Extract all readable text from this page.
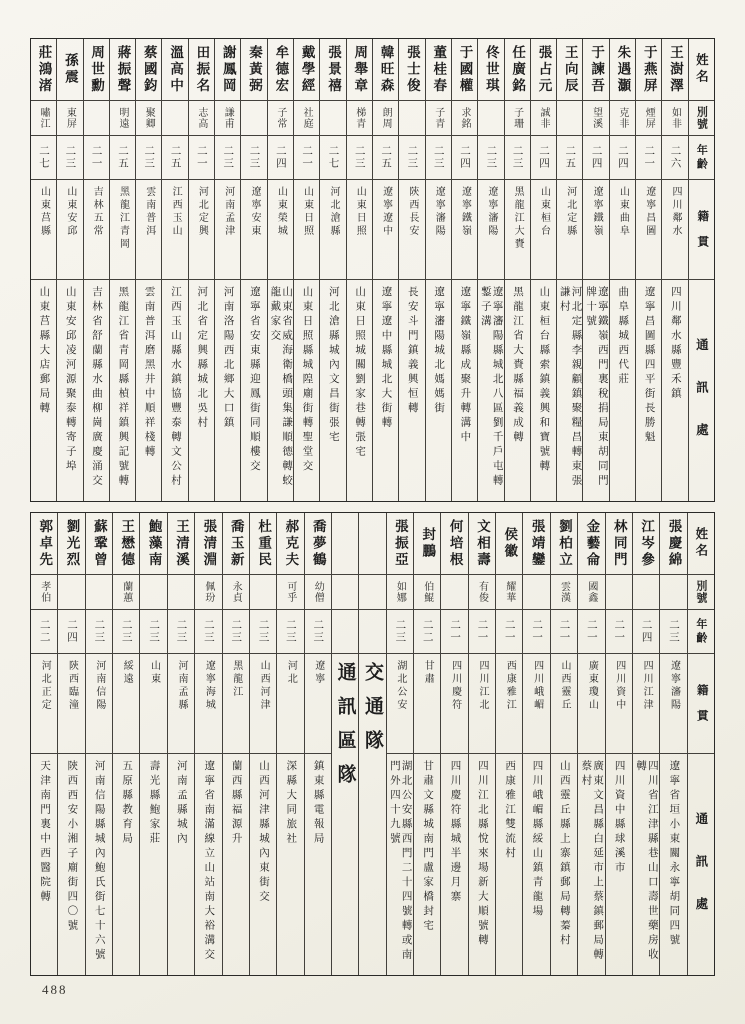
姓名
別號
年齡
籍貫
通訊處
王澍澤
如非
二六
四川鄰水
四川鄰水縣豐禾鎮
于燕屏
煙屏
二一
遼寧昌圖
遼寧昌圖縣四平街長勝魁
朱遇灝
克非
二四
山東曲阜
曲阜縣城西代莊
于諫吾
望溪
二四
遼寧鐵嶺
遼寧鐵嶺西門裏稅捐局東胡同門牌十號
王向辰
二五
河北定縣
河北定縣李親顧鎮聚糧昌轉東張謙村
張占元
誠非
二四
山東桓台
山東桓台縣索鎮義興和寶號轉
任廣銘
子珊
二三
黑龍江大賚
黑龍江省大賚縣福義成轉
佟世琪
二三
遼寧瀋陽
遼寧瀋陽縣城北八區劉千戶屯轉鏨子溝
于國權
求銘
二四
遼寧鐵嶺
遼寧鐵嶺縣成聚升轉溝中
董桂春
子青
二三
遼寧瀋陽
遼寧瀋陽城北媽媽街
張士俊
二三
陝西長安
長安斗門鎮義興恒轉
韓旺森
朗周
二五
遼寧遼中
遼寧遼中縣城北大街轉
周舉章
梯青
二三
山東日照
山東日照城關劉家巷轉張宅
張景禧
二七
河北滄縣
河北滄縣城內文昌街張宅
戴學經
社庭
二一
山東日照
山東日照縣城隍廟街轉聖堂交
牟德宏
子常
二四
山東榮城
山東省威海衛橋頭集謙順德轉蛟龍戴家交
秦黃弼
二三
遼寧安東
遼寧省安東縣迎鳳街同順樓交
謝鳳岡
謙甫
二三
河南孟津
河南洛陽西北鄉大口鎮
田振名
志高
二一
河北定興
河北省定興縣城北吳村
溫高中
二五
江西玉山
江西玉山縣水鎮協豐泰轉文公村
蔡國鈞
聚卿
二三
雲南普洱
雲南普洱磨黑井中順祥棧轉
蔣振聲
明遠
二五
黑龍江青岡
黑龍江省青岡縣楨祥鎮興記號轉
周世勳
二一
吉林五常
吉林省舒蘭縣水曲柳崗廣慶涌交
孫震
東屏
二三
山東安邱
山東安邱凌河源聚泰轉寄子埠
莊鴻渚
嘯江
二七
山東莒縣
山東莒縣大店郵局轉
姓名
別號
年齡
籍貫
通訊處
張慶綿
二三
遼寧瀋陽
遼寧省垣小東關永寧胡同四號
江岑參
二四
四川江津
四川省江津縣巷山口壽世藥房收轉
林同門
二一
四川資中
四川資中縣球溪市
金藝侖
國鑫
二一
廣東瓊山
廣東文昌縣白延市上蔡鎮郵局轉蔡村
劉柏立
雲漢
二一
山西靈丘
山西靈丘縣上寨鎮郵局轉蓁村
張靖鑾
二一
四川峨嵋
四川峨嵋縣綏山鎮青龍場
侯徽
耀華
二一
西康雅江
西康雅江雙流村
文相壽
有俊
二一
四川江北
四川江北縣悅來場新大順號轉
何培根
二一
四川慶符
四川慶符縣城半邊月寨
封鵬
伯鯤
二二
甘肅
甘肅文縣城南門盧家橋封宅
張振亞
如娜
二三
湖北公安
湖北公安縣西門二十四號轉或南門外四十九號
交通隊
通訊區隊
喬夢鶴
幼僧
二三
遼寧
鎮東縣電報局
郝克夫
可乎
二三
河北
深縣大同旅社
杜重民
二三
山西河津
山西河津縣城內東街交
喬玉新
永貞
二三
黑龍江
蘭西縣福源升
張清淵
佩玢
二三
遼寧海城
遼寧省南滿線立山站南大裕溝交
王清溪
二三
河南孟縣
河南孟縣城內
鮑藻南
二三
山東
壽光縣鮑家莊
王懋德
蘭蕙
二三
綏遠
五原縣教育局
蘇鞏曾
二三
河南信陽
河南信陽縣城內鮑氏街七十六號
劉光烈
二四
陝西臨潼
陝西西安小湘子廟街四〇號
郭卓先
孝伯
二二
河北正定
天津南門裏中西醫院轉
488
